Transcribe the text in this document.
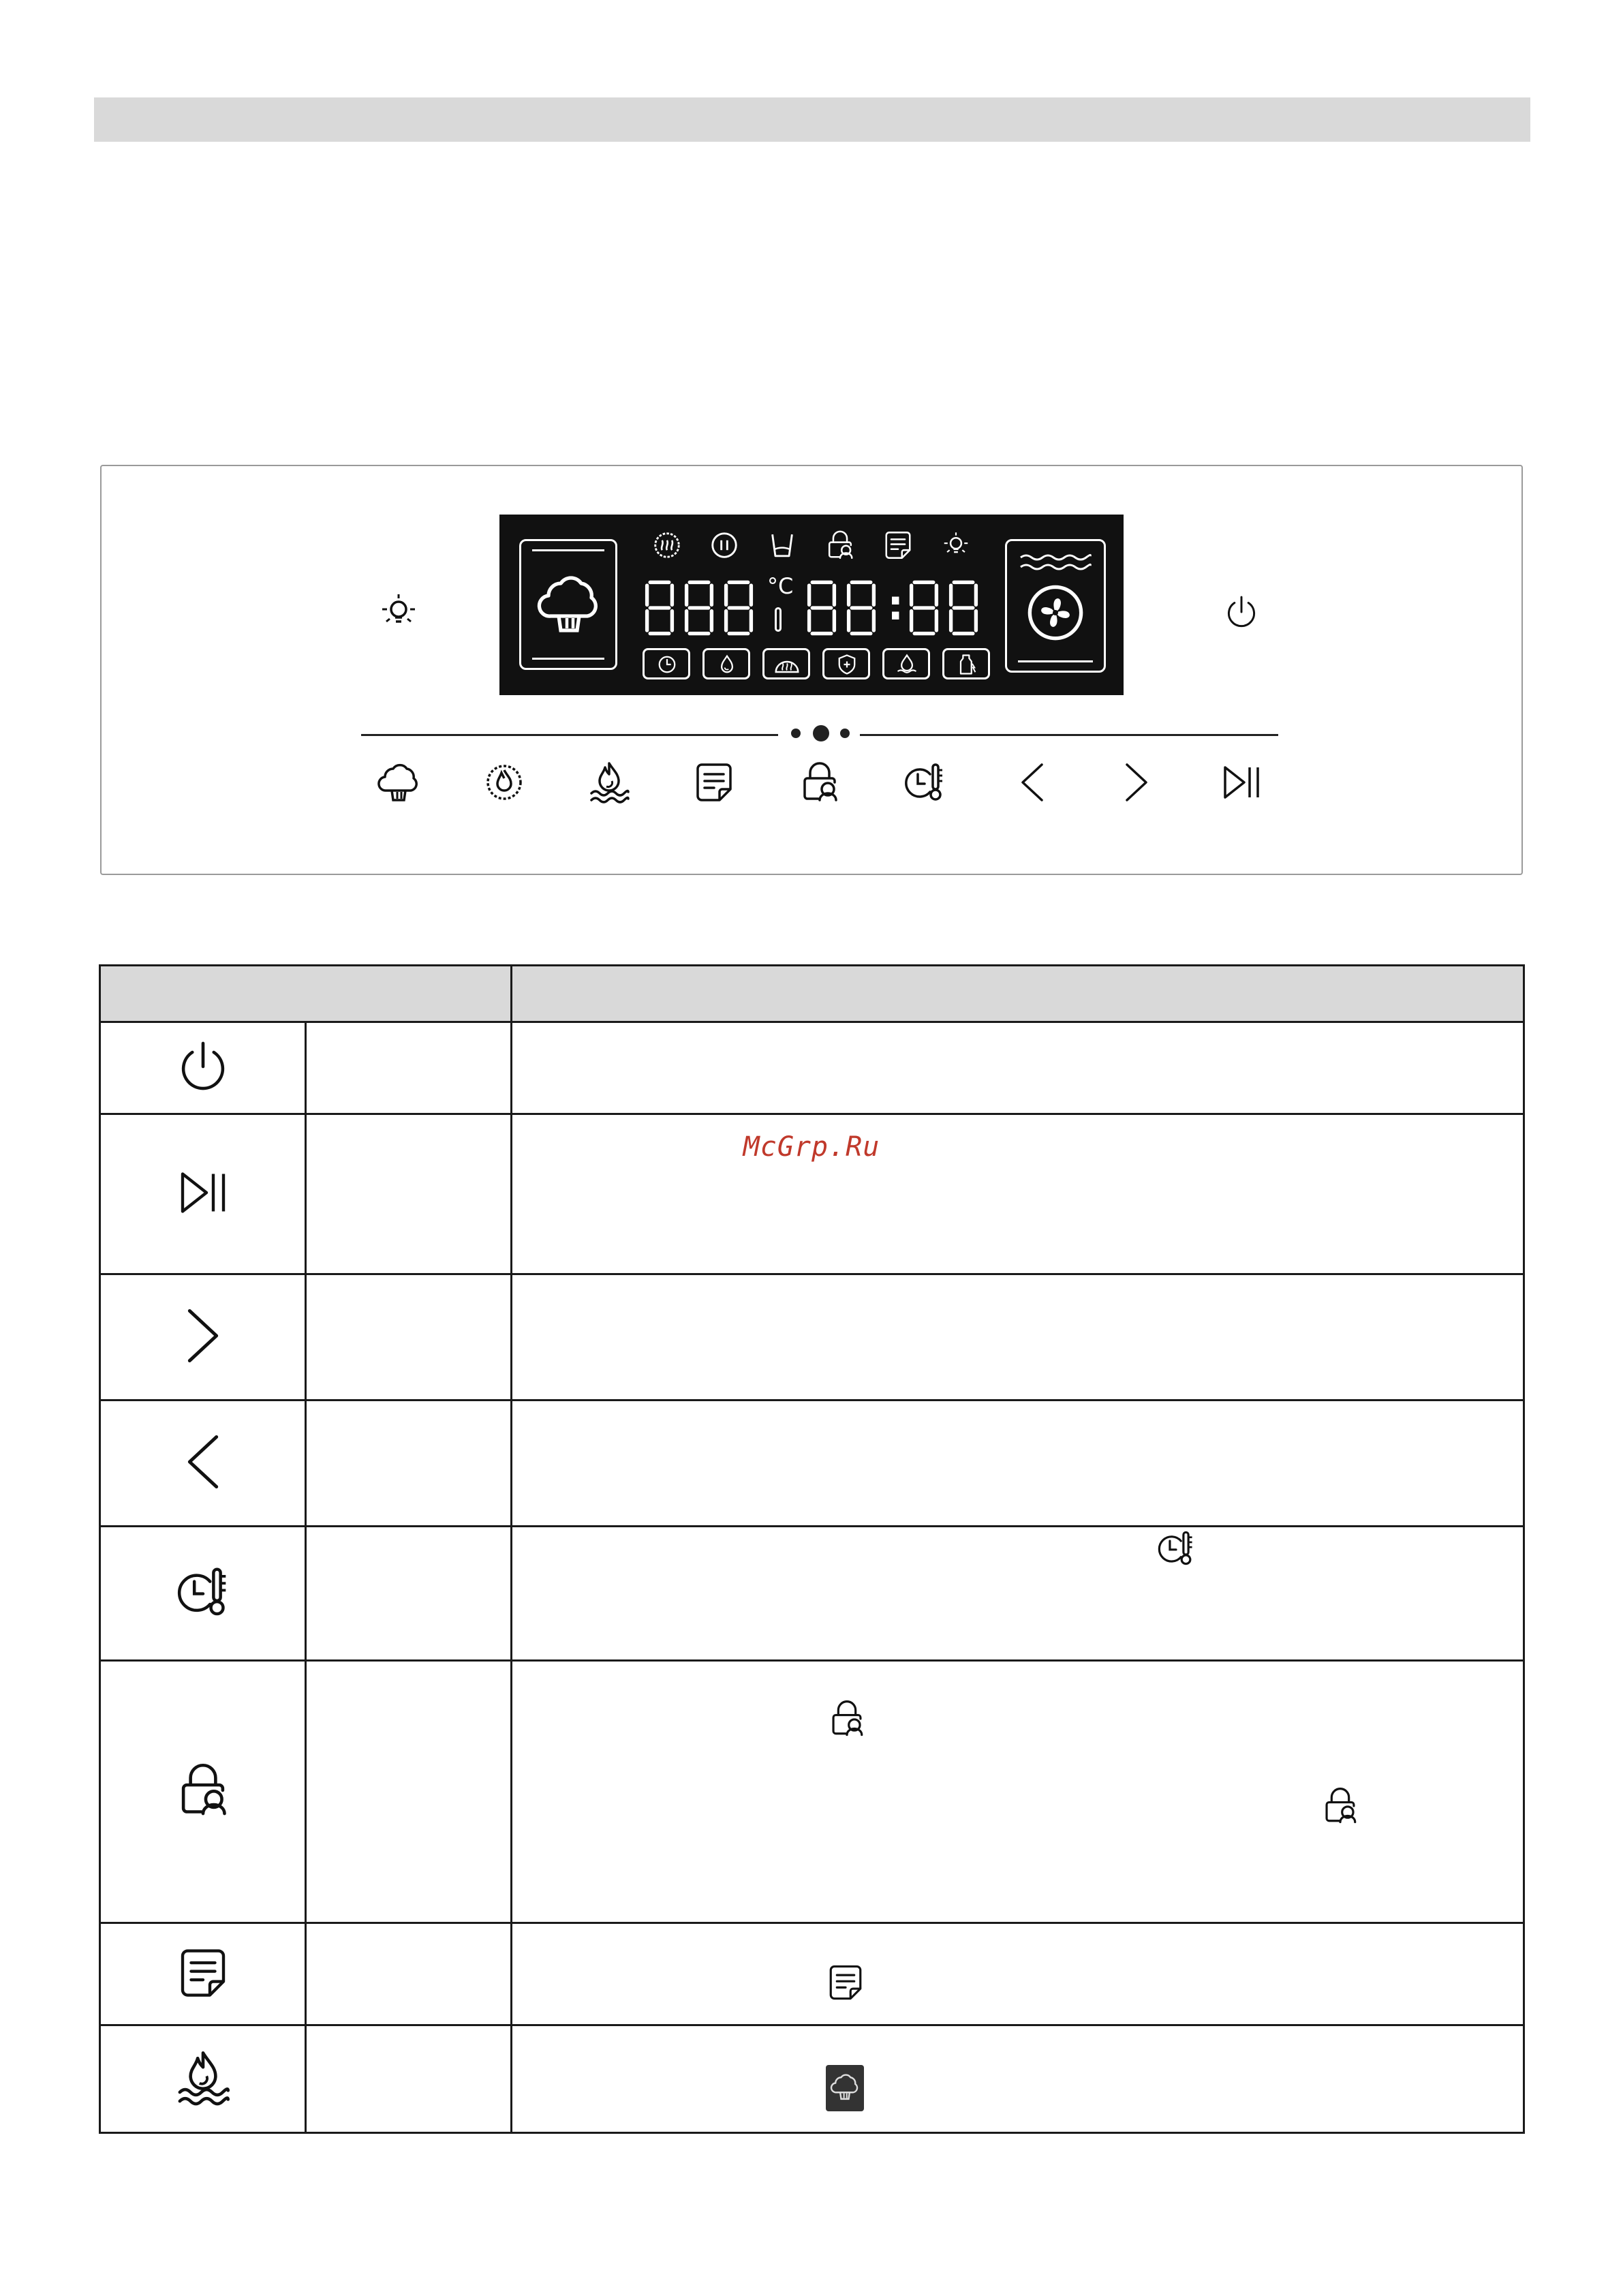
°C :

McGrp.Ru
